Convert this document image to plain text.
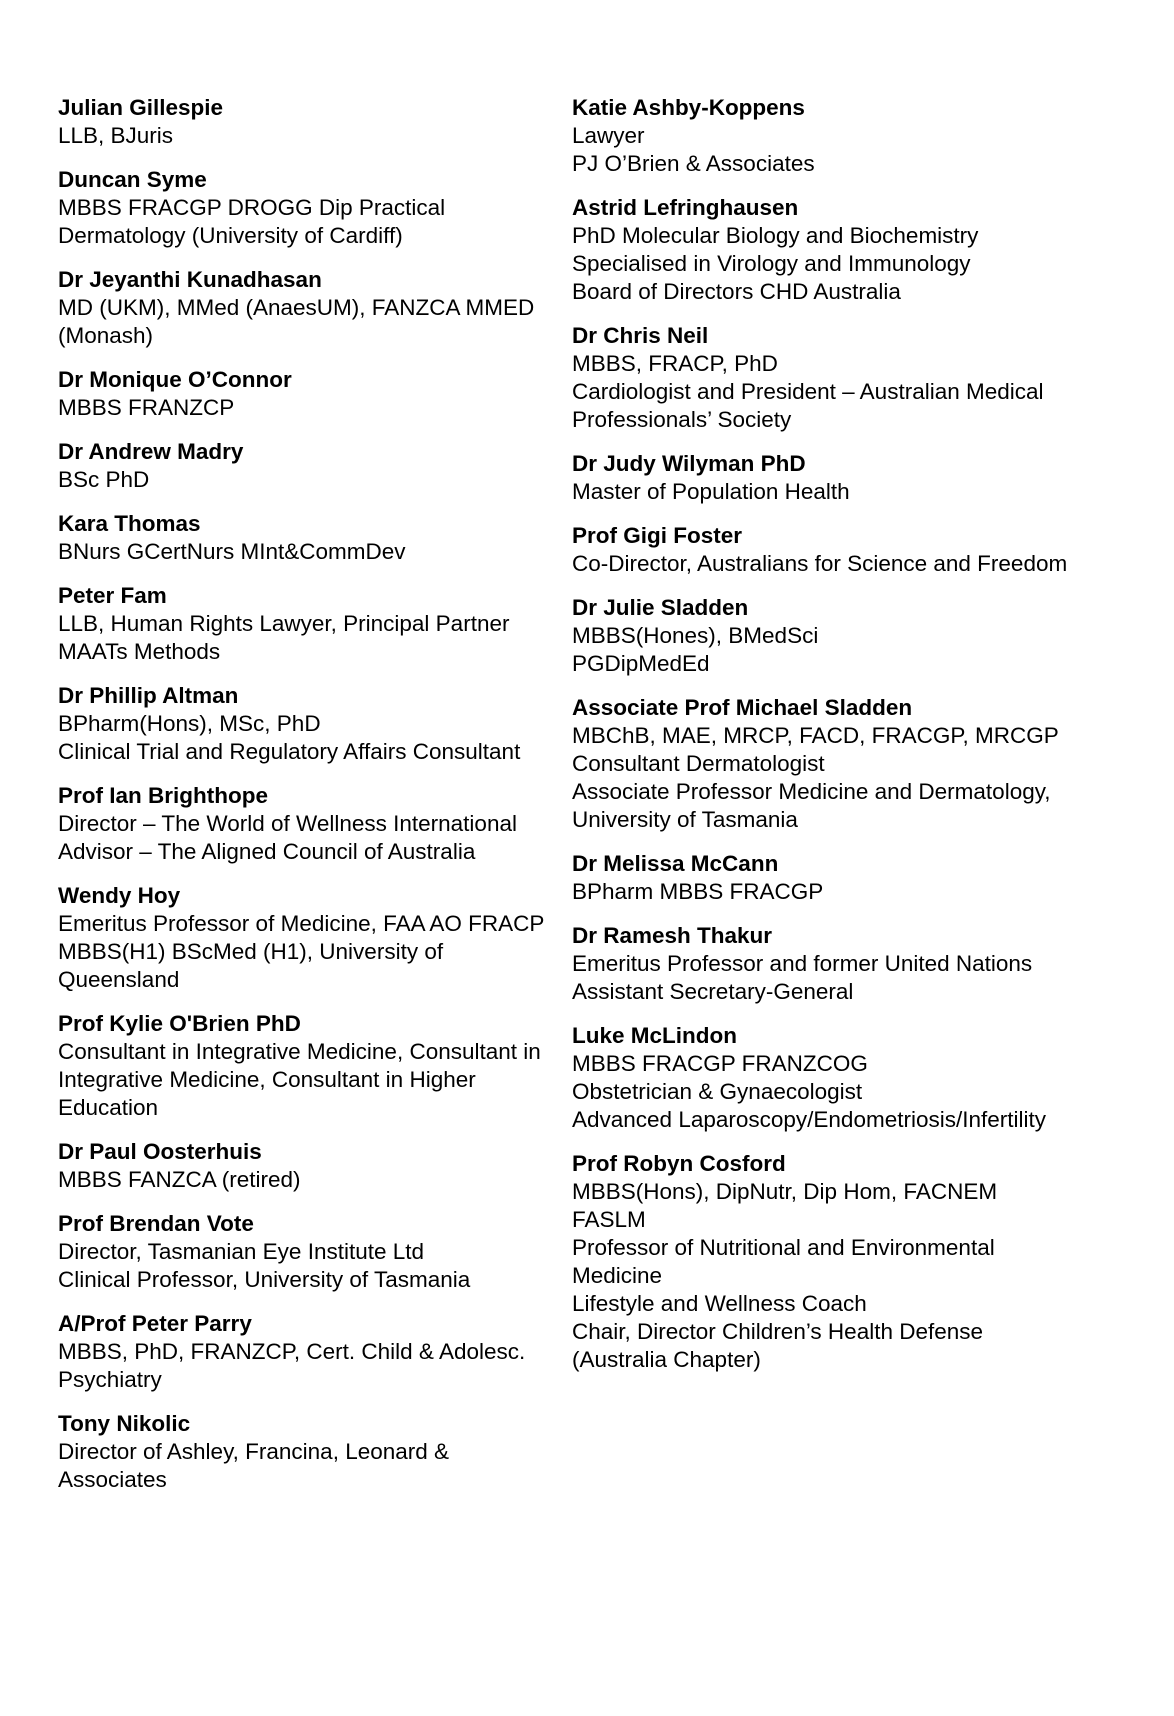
Julian Gillespie
LLB, BJuris
Duncan Syme
MBBS FRACGP DROGG Dip Practical
Dermatology (University of Cardiff)
Dr Jeyanthi Kunadhasan
MD (UKM), MMed (AnaesUM), FANZCA MMED
(Monash)
Dr Monique O’Connor
MBBS FRANZCP
Dr Andrew Madry
BSc PhD
Kara Thomas
BNurs GCertNurs MInt&CommDev
Peter Fam
LLB, Human Rights Lawyer, Principal Partner
MAATs Methods
Dr Phillip Altman
BPharm(Hons), MSc, PhD
Clinical Trial and Regulatory Affairs Consultant
Prof Ian Brighthope
Director – The World of Wellness International
Advisor – The Aligned Council of Australia
Wendy Hoy
Emeritus Professor of Medicine, FAA AO FRACP
MBBS(H1) BScMed (H1), University of
Queensland
Prof Kylie O'Brien PhD
Consultant in Integrative Medicine, Consultant in
Integrative Medicine, Consultant in Higher
Education
Dr Paul Oosterhuis
MBBS FANZCA (retired)
Prof Brendan Vote
Director, Tasmanian Eye Institute Ltd
Clinical Professor, University of Tasmania
A/Prof Peter Parry
MBBS, PhD, FRANZCP, Cert. Child & Adolesc.
Psychiatry
Tony Nikolic
Director of Ashley, Francina, Leonard &
Associates
Katie Ashby-Koppens
Lawyer
PJ O’Brien & Associates
Astrid Lefringhausen
PhD Molecular Biology and Biochemistry
Specialised in Virology and Immunology
Board of Directors CHD Australia
Dr Chris Neil
MBBS, FRACP, PhD
Cardiologist and President – Australian Medical
Professionals’ Society
Dr Judy Wilyman PhD
Master of Population Health
Prof Gigi Foster
Co-Director, Australians for Science and Freedom
Dr Julie Sladden
MBBS(Hones), BMedSci
PGDipMedEd
Associate Prof Michael Sladden
MBChB, MAE, MRCP, FACD, FRACGP, MRCGP
Consultant Dermatologist
Associate Professor Medicine and Dermatology,
University of Tasmania
Dr Melissa McCann
BPharm MBBS FRACGP
Dr Ramesh Thakur
Emeritus Professor and former United Nations
Assistant Secretary-General
Luke McLindon
MBBS FRACGP FRANZCOG
Obstetrician & Gynaecologist
Advanced Laparoscopy/Endometriosis/Infertility
Prof Robyn Cosford
MBBS(Hons), DipNutr, Dip Hom, FACNEM
FASLM
Professor of Nutritional and Environmental
Medicine
Lifestyle and Wellness Coach
Chair, Director Children’s Health Defense
(Australia Chapter)
